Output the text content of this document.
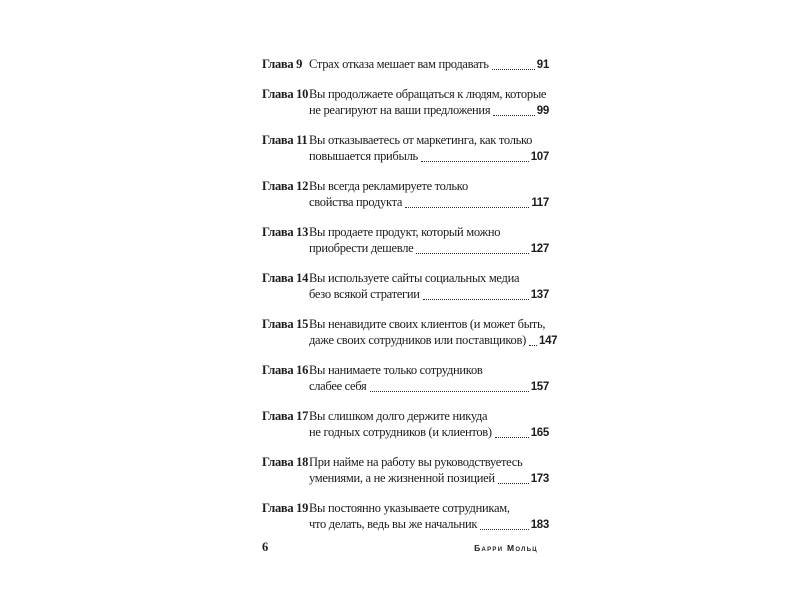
Глава 9 Страх отказа мешает вам продавать	91
Глава 10 Вы продолжаете обращаться к людям, которые
не реагируют на ваши предложения	99
Глава 11 Вы отказываетесь от маркетинга, как только
повышается прибыль	107
Глава 12 Вы всегда рекламируете только
свойства продукта	117
Глава 13 Вы продаете продукт, который можно
приобрести дешевле	127
Глава 14 Вы используете сайты социальных медиа
безо всякой стратегии	137
Глава 15 Вы ненавидите своих клиентов (и может быть,
даже своих сотрудников или поставщиков) 147
Глава 16 Вы нанимаете только сотрудников
слабее себя	157
Глава 17 Вы слишком долго держите никуда
не годных сотрудников (и клиентов)	165
Глава 18 При найме на работу вы руководствуетесь
умениями, а не жизненной позицией	173
Глава 19 Вы постоянно указываете сотрудникам,
что делать, ведь вы же начальник	183
6	Барри Мольц
